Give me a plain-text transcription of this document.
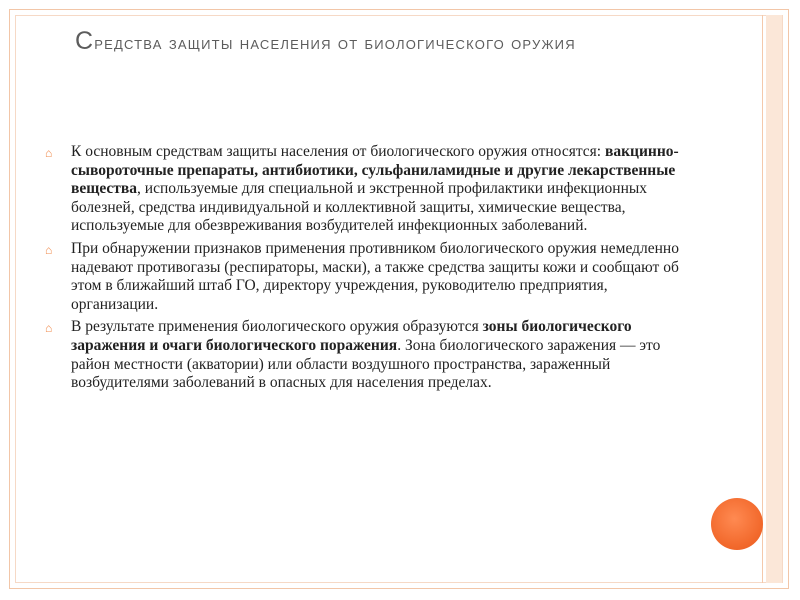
Средства защиты населения от биологического оружия
⌂ К основным средствам защиты населения от биологического оружия относятся: вакцинно-сывороточные препараты, антибиотики, сульфаниламидные и другие лекарственные вещества, используемые для специальной и экстренной профилактики инфекционных болезней, средства индивидуальной и коллективной защиты, химические вещества, используемые для обезвреживания возбудителей инфекционных заболеваний.
⌂ При обнаружении признаков применения противником биологического оружия немедленно надевают противогазы (респираторы, маски), а также средства защиты кожи и сообщают об этом в ближайший штаб ГО, директору учреждения, руководителю предприятия, организации.
⌂ В результате применения биологического оружия образуются зоны биологического заражения и очаги биологического поражения. Зона биологического заражения — это район местности (акватории) или области воздушного пространства, зараженный возбудителями заболеваний в опасных для населения пределах.
